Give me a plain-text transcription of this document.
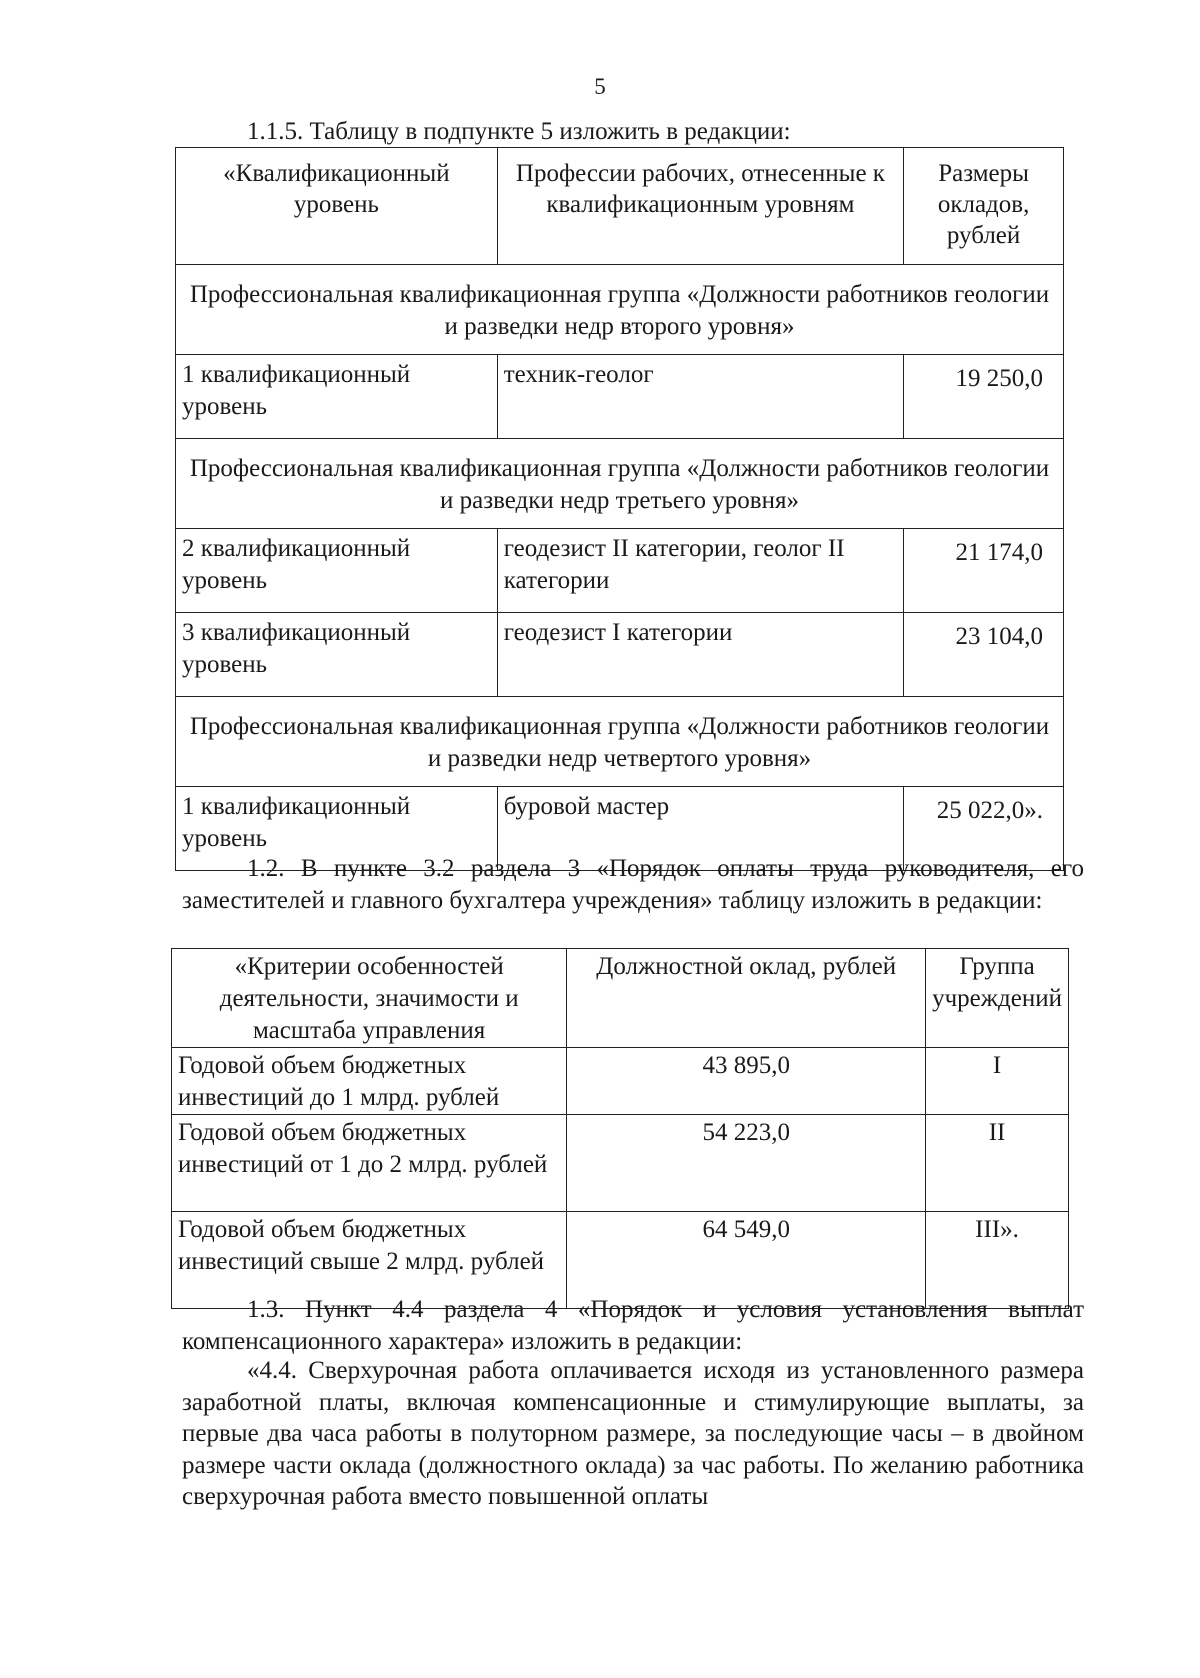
5
1.1.5. Таблицу в подпункте 5 изложить в редакции:
«Квалификационный уровень	Профессии рабочих, отнесенные к квалификационным уровням	Размеры окладов, рублей
Профессиональная квалификационная группа «Должности работников геологии и разведки недр второго уровня»		
1 квалификационный уровень	техник-геолог	19 250,0
Профессиональная квалификационная группа «Должности работников геологии и разведки недр третьего уровня»		
2 квалификационный уровень	геодезист II категории, геолог II категории	21 174,0
3 квалификационный уровень	геодезист I категории	23 104,0
Профессиональная квалификационная группа «Должности работников геологии и разведки недр четвертого уровня»		
1 квалификационный уровень	буровой мастер	25 022,0».

1.2. В пункте 3.2 раздела 3 «Порядок оплаты труда руководителя, его заместителей и главного бухгалтера учреждения» таблицу изложить в редакции:

«Критерии особенностей деятельности, значимости и масштаба управления	Должностной оклад, рублей	Группа учреждений
Годовой объем бюджетных инвестиций до 1 млрд. рублей	43 895,0	I
Годовой объем бюджетных инвестиций от 1 до 2 млрд. рублей	54 223,0	II
Годовой объем бюджетных инвестиций свыше 2 млрд. рублей	64 549,0	III».

1.3. Пункт 4.4 раздела 4 «Порядок и условия установления выплат компенсационного характера» изложить в редакции:

«4.4. Сверхурочная работа оплачивается исходя из установленного размера заработной платы, включая компенсационные и стимулирующие выплаты, за первые два часа работы в полуторном размере, за последующие часы – в двойном размере части оклада (должностного оклада) за час работы. По желанию работника сверхурочная работа вместо повышенной оплаты
